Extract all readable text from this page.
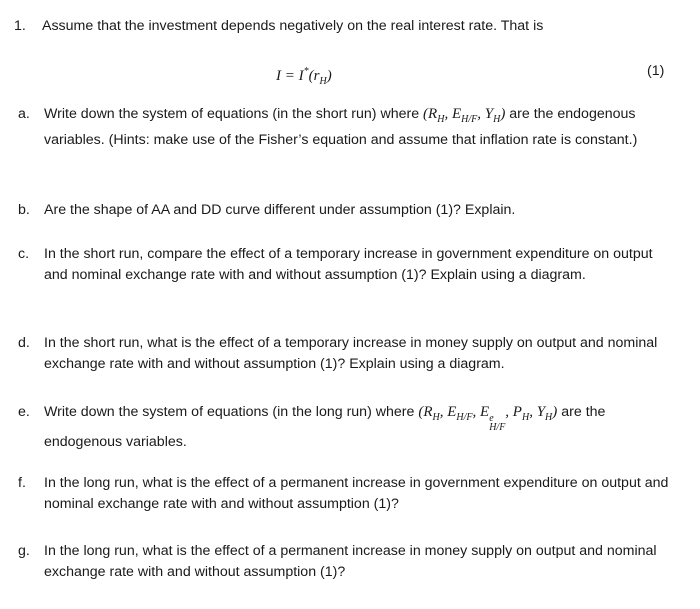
1. Assume that the investment depends negatively on the real interest rate. That is
$I = I^*(r_H)$	(1)
a. Write down the system of equations (in the short run) where ($R_H$, $E_{H/F}$, $Y_H$) are the endogenous variables. (Hints: make use of the Fisher’s equation and assume that inflation rate is constant.)
b. Are the shape of AA and DD curve different under assumption (1)? Explain.
c. In the short run, compare the effect of a temporary increase in government expenditure on output and nominal exchange rate with and without assumption (1)? Explain using a diagram.
d. In the short run, what is the effect of a temporary increase in money supply on output and nominal exchange rate with and without assumption (1)? Explain using a diagram.
e. Write down the system of equations (in the long run) where ($R_H$, $E_{H/F}$, E e
H/F
, $P_H$, $Y_H$) are the endogenous variables.
f. In the long run, what is the effect of a permanent increase in government expenditure on output and nominal exchange rate with and without assumption (1)?
g. In the long run, what is the effect of a permanent increase in money supply on output and nominal exchange rate with and without assumption (1)?
